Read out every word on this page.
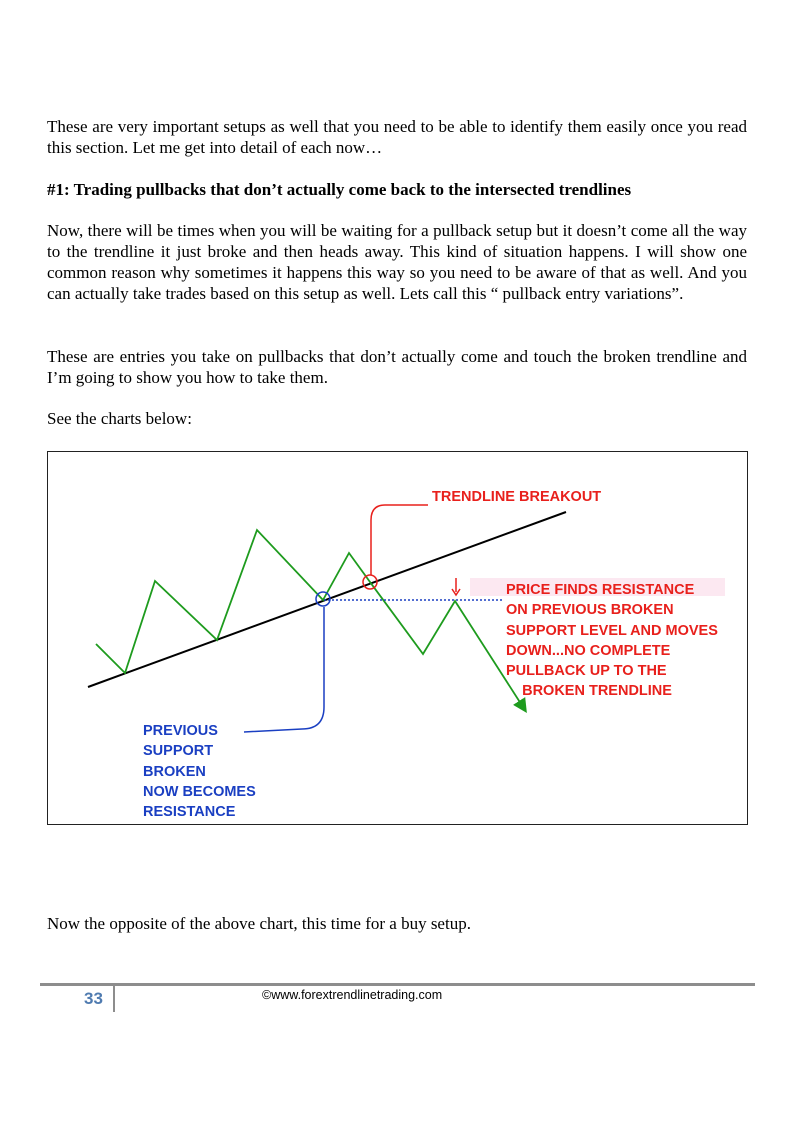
These are very important setups as well that you need to be able to identify them easily once you read this section. Let me get into detail of each now…

#1: Trading pullbacks that don’t actually come back to the intersected trendlines

Now, there will be times when you will be waiting for a pullback setup but it doesn’t come all the way to the trendline it just broke and then heads away. This kind of situation happens. I will show one common reason why sometimes it happens this way so you need to be aware of that as well. And you can actually take trades based on this setup as well. Lets call this “ pullback entry variations”.

These are entries you take on pullbacks that don’t actually come and touch the broken trendline and I’m going to show you how to take them.

See the charts below:

TRENDLINE BREAKOUT

PRICE FINDS RESISTANCE
ON PREVIOUS BROKEN
SUPPORT LEVEL AND MOVES
DOWN...NO COMPLETE
PULLBACK UP TO THE
BROKEN TRENDLINE

PREVIOUS
SUPPORT
BROKEN
NOW BECOMES
RESISTANCE

Now the opposite of the above chart, this time for a buy setup.

33	©www.forextrendlinetrading.com
